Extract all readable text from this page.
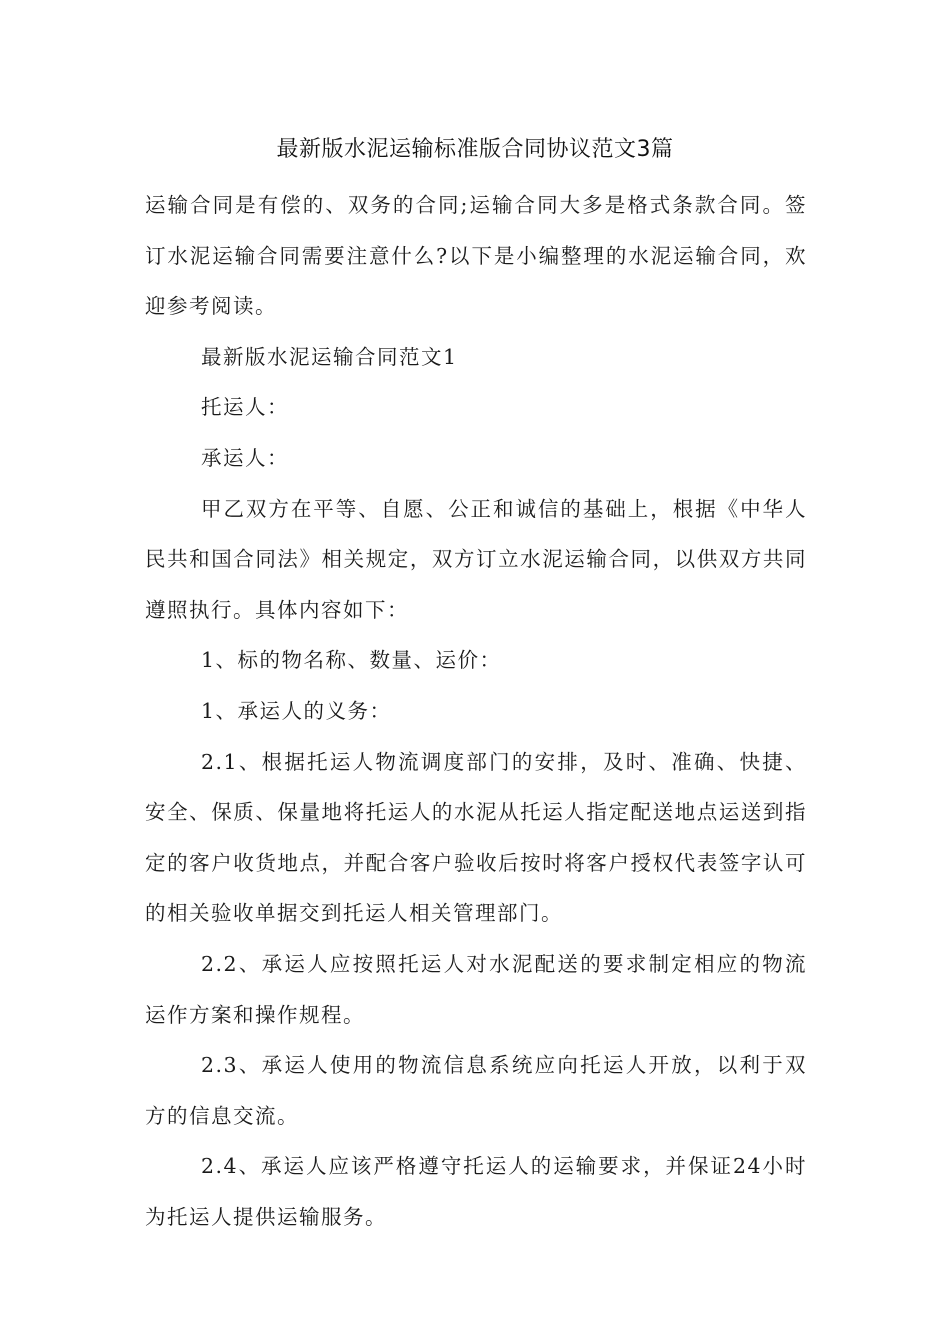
最新版水泥运输标准版合同协议范文3篇

运输合同是有偿的、双务的合同;运输合同大多是格式条款合同。签订水泥运输合同需要注意什么?以下是小编整理的水泥运输合同，欢迎参考阅读。

最新版水泥运输合同范文1

托运人：

承运人：

甲乙双方在平等、自愿、公正和诚信的基础上，根据《中华人民共和国合同法》相关规定，双方订立水泥运输合同，以供双方共同遵照执行。具体内容如下：

1、标的物名称、数量、运价：

1、承运人的义务：

2.1、根据托运人物流调度部门的安排，及时、准确、快捷、安全、保质、保量地将托运人的水泥从托运人指定配送地点运送到指定的客户收货地点，并配合客户验收后按时将客户授权代表签字认可的相关验收单据交到托运人相关管理部门。

2.2、承运人应按照托运人对水泥配送的要求制定相应的物流运作方案和操作规程。

2.3、承运人使用的物流信息系统应向托运人开放，以利于双方的信息交流。

2.4、承运人应该严格遵守托运人的运输要求，并保证24小时为托运人提供运输服务。
